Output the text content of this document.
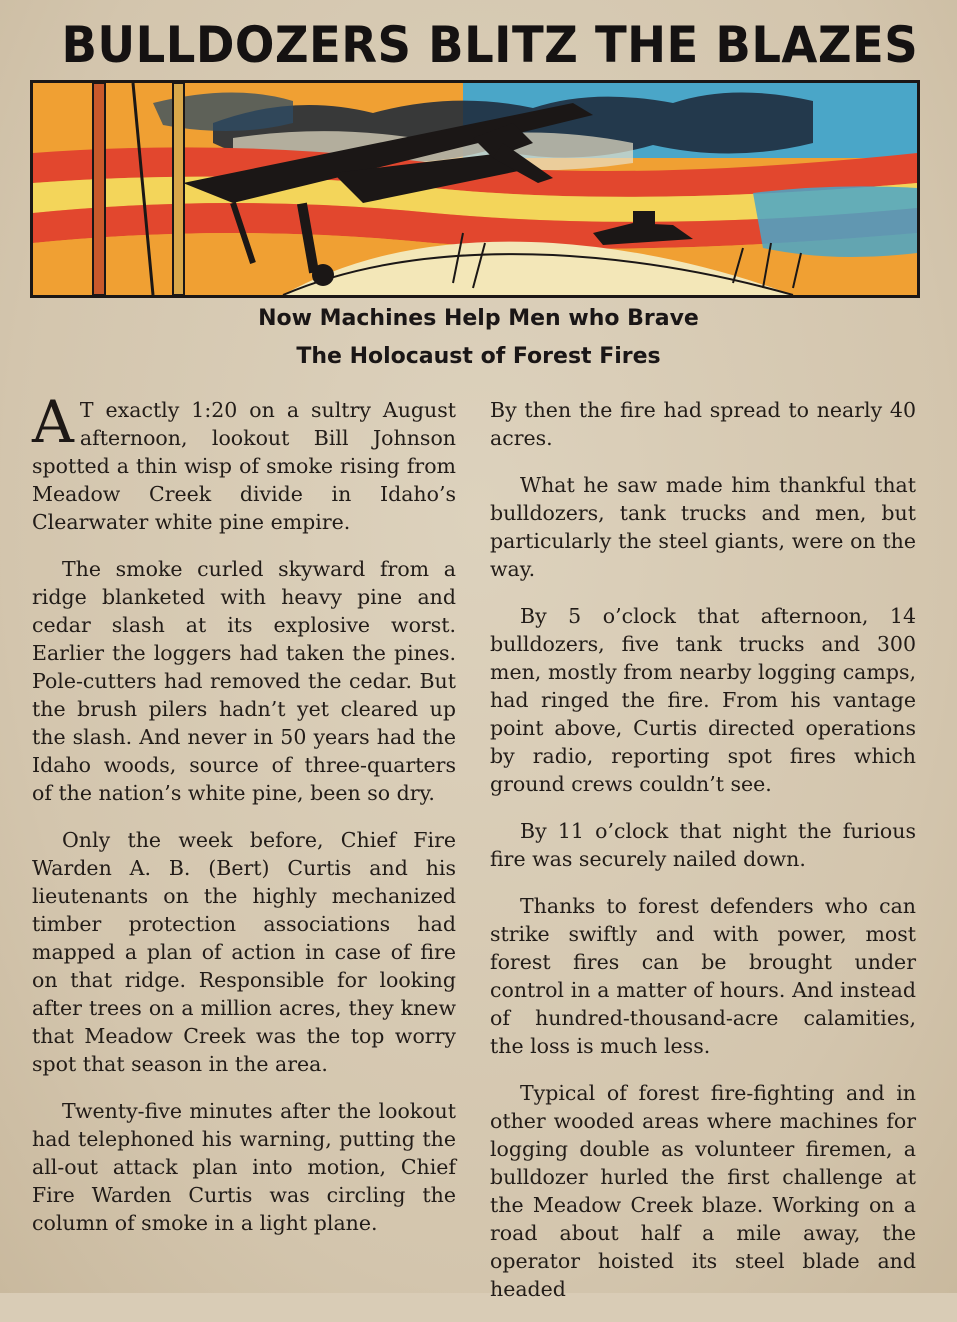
BULLDOZERS BLITZ THE BLAZES

Now Machines Help Men who Brave

The Holocaust of Forest Fires

A T exactly 1:20 on a sultry August afternoon, lookout Bill Johnson spotted a thin wisp of smoke rising from Meadow Creek divide in Idaho’s Clearwater white pine empire.

The smoke curled skyward from a ridge blanketed with heavy pine and cedar slash at its explosive worst. Earlier the loggers had taken the pines. Pole-cutters had removed the cedar. But the brush pilers hadn’t yet cleared up the slash. And never in 50 years had the Idaho woods, source of three-quarters of the nation’s white pine, been so dry.

Only the week before, Chief Fire Warden A. B. (Bert) Curtis and his lieutenants on the highly mechanized timber protection associations had mapped a plan of action in case of fire on that ridge. Responsible for looking after trees on a million acres, they knew that Meadow Creek was the top worry spot that season in the area.

Twenty-five minutes after the lookout had telephoned his warning, putting the all-out attack plan into motion, Chief Fire Warden Curtis was circling the column of smoke in a light plane.

By then the fire had spread to nearly 40 acres.

What he saw made him thankful that bulldozers, tank trucks and men, but particularly the steel giants, were on the way.

By 5 o’clock that afternoon, 14 bulldozers, five tank trucks and 300 men, mostly from nearby logging camps, had ringed the fire. From his vantage point above, Curtis directed operations by radio, reporting spot fires which ground crews couldn’t see.

By 11 o’clock that night the furious fire was securely nailed down.

Thanks to forest defenders who can strike swiftly and with power, most forest fires can be brought under control in a matter of hours. And instead of hundred-thousand-acre calamities, the loss is much less.

Typical of forest fire-fighting and in other wooded areas where machines for logging double as volunteer firemen, a bulldozer hurled the first challenge at the Meadow Creek blaze. Working on a road about half a mile away, the operator hoisted its steel blade and headed
